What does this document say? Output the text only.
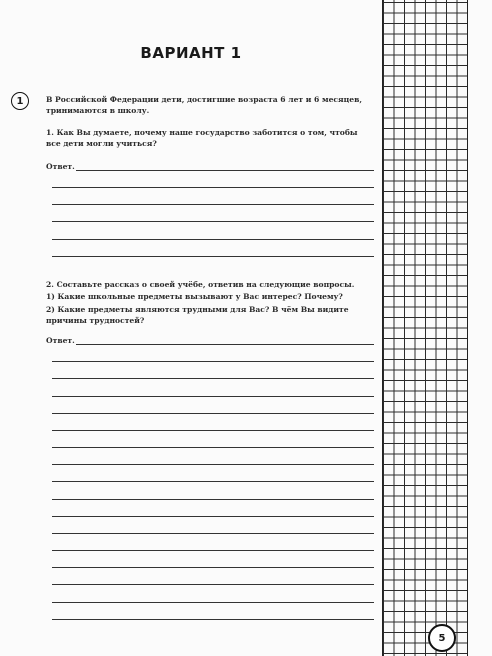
ВАРИАНТ 1
1	В Российской Федерации дети, достигшие возраста 6 лет и 6 месяцев, тринимаются в школу.
1. Как Вы думаете, почему наше государство заботится о том, чтобы все дети могли учиться?
Ответ.
2. Составьте рассказ о своей учёбе, ответив на следующие вопросы.
1) Какие школьные предметы вызывают у Вас интерес? Почему?
2) Какие предметы являются трудными для Вас? В чём Вы видите причины трудностей?
Ответ.
5
